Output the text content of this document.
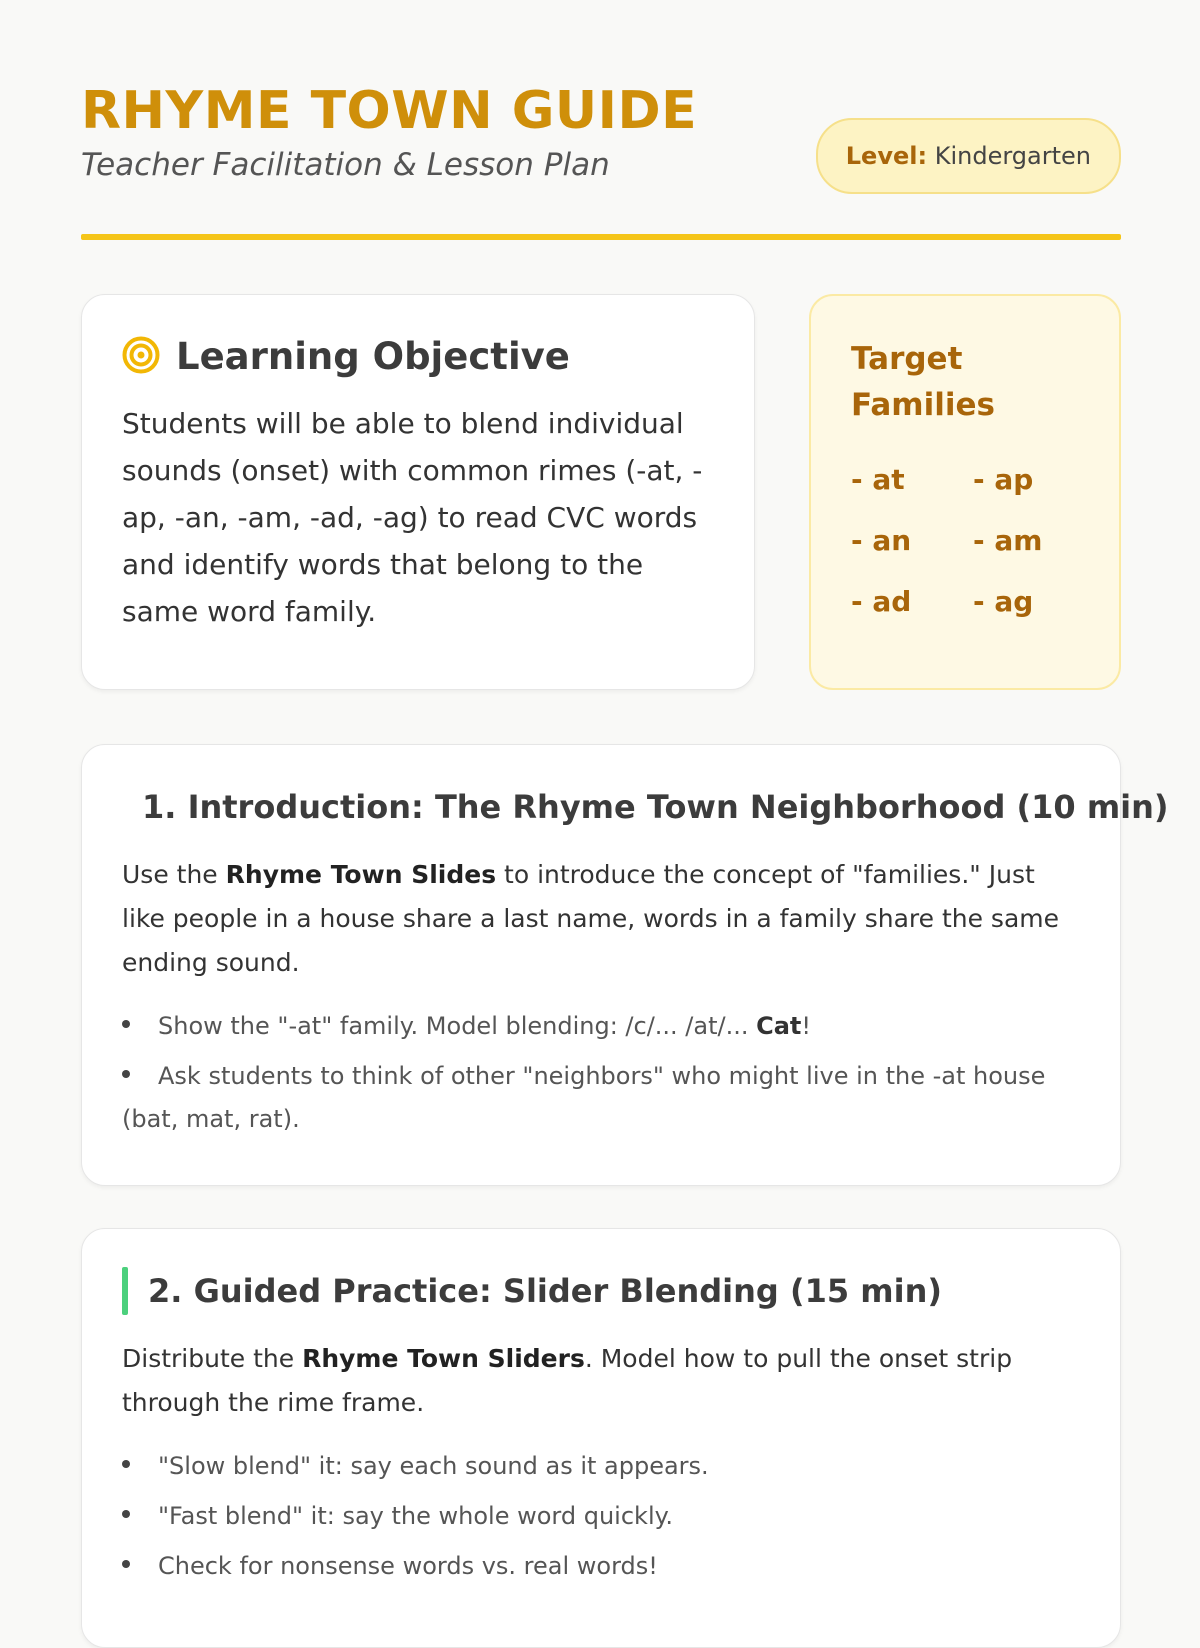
RHYME TOWN GUIDE
Teacher Facilitation & Lesson Plan	Level: Kindergarten
Learning Objective
Students will be able to blend individual sounds (onset) with common rimes (-at, -ap, -an, -am, -ad, -ag) to read CVC words and identify words that belong to the same word family.
Target Families
- at	- ap
- an	- am
- ad	- ag
1. Introduction: The Rhyme Town Neighborhood (10 min)
Use the Rhyme Town Slides to introduce the concept of "families." Just like people in a house share a last name, words in a family share the same ending sound.
Show the "-at" family. Model blending: /c/... /at/... Cat!
Ask students to think of other "neighbors" who might live in the -at house (bat, mat, rat).
2. Guided Practice: Slider Blending (15 min)
Distribute the Rhyme Town Sliders. Model how to pull the onset strip through the rime frame.
"Slow blend" it: say each sound as it appears.
"Fast blend" it: say the whole word quickly.
Check for nonsense words vs. real words!
